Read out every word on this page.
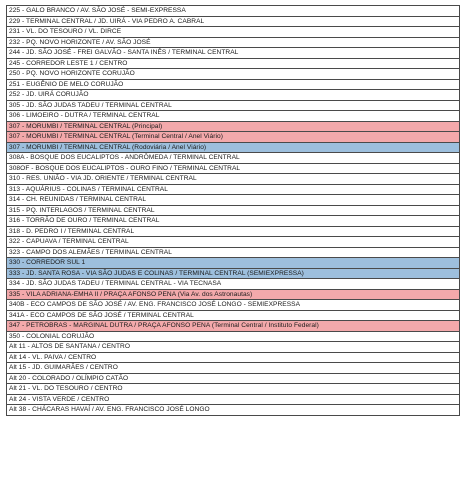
225 - GALO BRANCO / AV. SÃO JOSÉ - SEMI-EXPRESSA
229 - TERMINAL CENTRAL / JD. UIRÁ - VIA PEDRO A. CABRAL
231 - VL. DO TESOURO / VL. DIRCE
232 - PQ. NOVO HORIZONTE / AV. SÃO JOSÉ
244 - JD. SÃO JOSÉ - FREI GALVÃO - SANTA INÊS / TERMINAL CENTRAL
245 - CORREDOR LESTE 1 / CENTRO
250 - PQ. NOVO HORIZONTE CORUJÃO
251 - EUGÊNIO DE MELO CORUJÃO
252 - JD. UIRÁ CORUJÃO
305 - JD. SÃO JUDAS TADEU / TERMINAL CENTRAL
306 - LIMOEIRO - DUTRA / TERMINAL CENTRAL
307 - MORUMBI / TERMINAL CENTRAL (Principal)
307 - MORUMBI / TERMINAL CENTRAL (Terminal Central / Anel Viário)
307 - MORUMBI / TERMINAL CENTRAL (Rodoviária / Anel Viário)
308A - BOSQUE DOS EUCALIPTOS - ANDRÔMEDA / TERMINAL CENTRAL
308OF - BOSQUE DOS EUCALIPTOS - OURO FINO / TERMINAL CENTRAL
310 - RES. UNIÃO - VIA JD. ORIENTE / TERMINAL CENTRAL
313 - AQUÁRIUS - COLINAS / TERMINAL CENTRAL
314 - CH. REUNIDAS / TERMINAL CENTRAL
315 - PQ. INTERLAGOS / TERMINAL CENTRAL
316 - TORRÃO DE OURO / TERMINAL CENTRAL
318 - D. PEDRO I / TERMINAL CENTRAL
322 - CAPUAVA / TERMINAL CENTRAL
323 - CAMPO DOS ALEMÃES / TERMINAL CENTRAL
330 - CORREDOR SUL 1
333 - JD. SANTA ROSA - VIA SÃO JUDAS E COLINAS / TERMINAL CENTRAL (SEMIEXPRESSA)
334 - JD. SÃO JUDAS TADEU / TERMINAL CENTRAL - VIA TECNASA
335 - VILA ADRIANA-EMHA II / PRAÇA AFONSO PENA (Via Av. dos Astronautas)
340B - ECO CAMPOS DE SÃO JOSÉ / AV. ENG. FRANCISCO JOSÉ LONGO - SEMIEXPRESSA
341A - ECO CAMPOS DE SÃO JOSÉ / TERMINAL CENTRAL
347 - PETROBRAS - MARGINAL DUTRA / PRAÇA AFONSO PENA (Terminal Central / Instituto Federal)
350 - COLONIAL CORUJÃO
Alt 11 - ALTOS DE SANTANA / CENTRO
Alt 14 - VL. PAIVA / CENTRO
Alt 15 - JD. GUIMARÃES / CENTRO
Alt 20 - COLORADO / OLÍMPIO CATÃO
Alt 21 - VL. DO TESOURO / CENTRO
Alt 24 - VISTA VERDE / CENTRO
Alt 38 - CHÁCARAS HAVAÍ / AV. ENG. FRANCISCO JOSÉ LONGO
